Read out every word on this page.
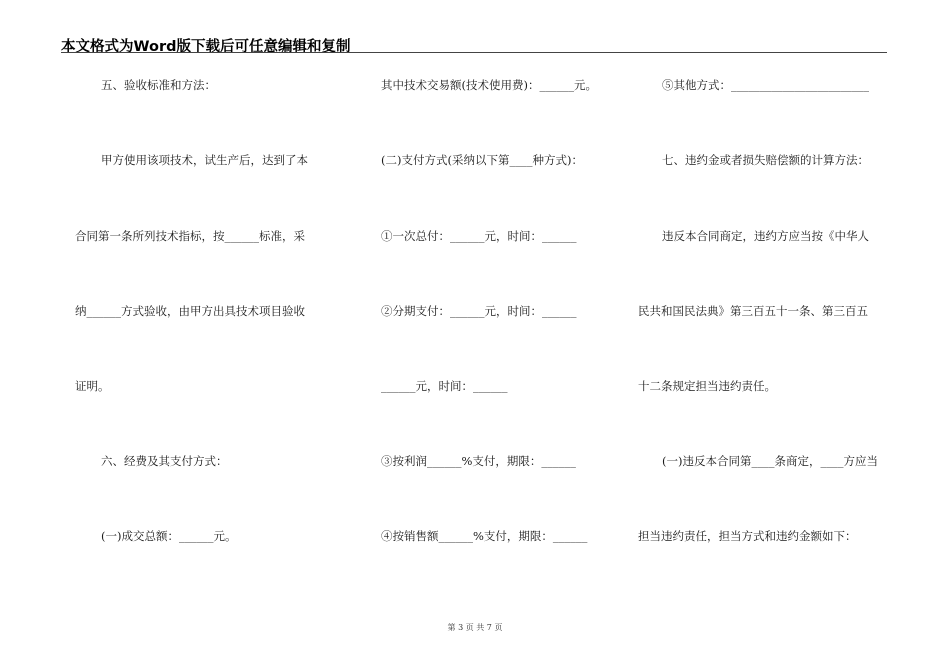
本文格式为Word版下载后可任意编辑和复制
五、验收标准和方法：
甲方使用该项技术，试生产后，达到了本
合同第一条所列技术指标，按______标准，采
纳______方式验收，由甲方出具技术项目验收
证明。
六、经费及其支付方式：
(一)成交总额：______元。
其中技术交易额(技术使用费)：______元。
(二)支付方式(采纳以下第____种方式)：
①一次总付：______元，时间：______
②分期支付：______元，时间：______
______元，时间：______
③按利润______%支付，期限：______
④按销售额______%支付，期限：______
⑤其他方式：________________________
七、违约金或者损失赔偿额的计算方法：
违反本合同商定，违约方应当按《中华人
民共和国民法典》第三百五十一条、第三百五
十二条规定担当违约责任。
(一)违反本合同第____条商定，____方应当
担当违约责任，担当方式和违约金额如下：
第 3 页 共 7 页
